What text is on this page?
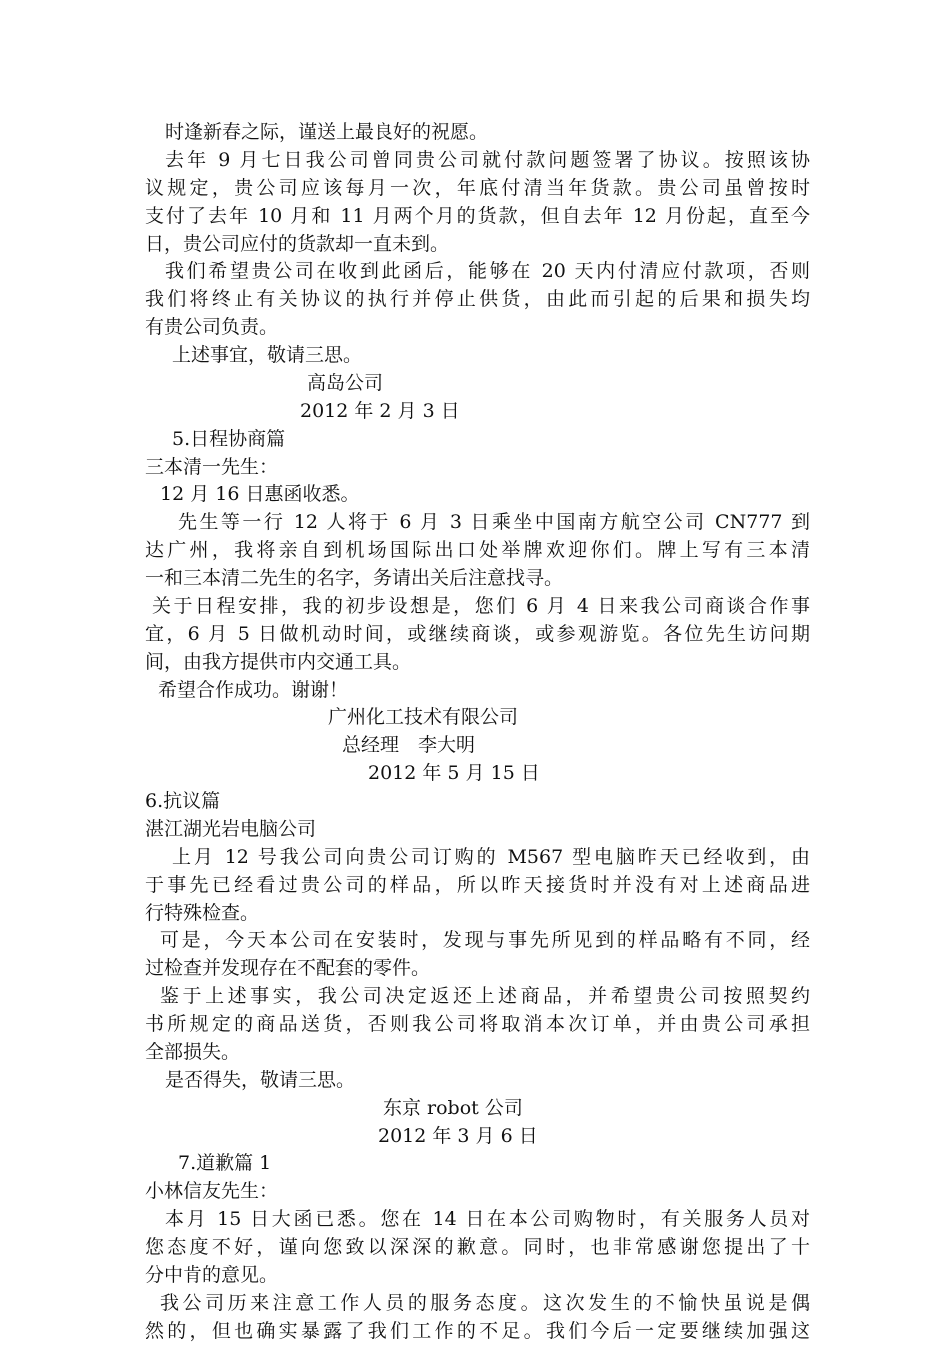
时逢新春之际，谨送上最良好的祝愿。
去年 9 月七日我公司曾同贵公司就付款问题签署了协议。按照该协
议规定，贵公司应该每月一次，年底付清当年货款。贵公司虽曾按时
支付了去年 10 月和 11 月两个月的货款，但自去年 12 月份起，直至今
日，贵公司应付的货款却一直未到。
我们希望贵公司在收到此函后，能够在 20 天内付清应付款项，否则
我们将终止有关协议的执行并停止供货，由此而引起的后果和损失均
有贵公司负责。
上述事宜，敬请三思。
高岛公司
2012 年 2 月 3 日
5.日程协商篇
三本清一先生：
12 月 16 日惠函收悉。
先生等一行 12 人将于 6 月 3 日乘坐中国南方航空公司 CN777 到
达广州，我将亲自到机场国际出口处举牌欢迎你们。牌上写有三本清
一和三本清二先生的名字，务请出关后注意找寻。
关于日程安排，我的初步设想是，您们 6 月 4 日来我公司商谈合作事
宜，6 月 5 日做机动时间，或继续商谈，或参观游览。各位先生访问期
间，由我方提供市内交通工具。
希望合作成功。谢谢！
广州化工技术有限公司
总经理　李大明
2012 年 5 月 15 日
6.抗议篇
湛江湖光岩电脑公司
上月 12 号我公司向贵公司订购的 M567 型电脑昨天已经收到，由
于事先已经看过贵公司的样品，所以昨天接货时并没有对上述商品进
行特殊检查。
可是，今天本公司在安装时，发现与事先所见到的样品略有不同，经
过检查并发现存在不配套的零件。
鉴于上述事实，我公司决定返还上述商品，并希望贵公司按照契约
书所规定的商品送货，否则我公司将取消本次订单，并由贵公司承担
全部损失。
是否得失，敬请三思。
东京 robot 公司
2012 年 3 月 6 日
7.道歉篇 1
小林信友先生：
本月 15 日大函已悉。您在 14 日在本公司购物时，有关服务人员对
您态度不好，谨向您致以深深的歉意。同时，也非常感谢您提出了十
分中肯的意见。
我公司历来注意工作人员的服务态度。这次发生的不愉快虽说是偶
然的，但也确实暴露了我们工作的不足。我们今后一定要继续加强这
